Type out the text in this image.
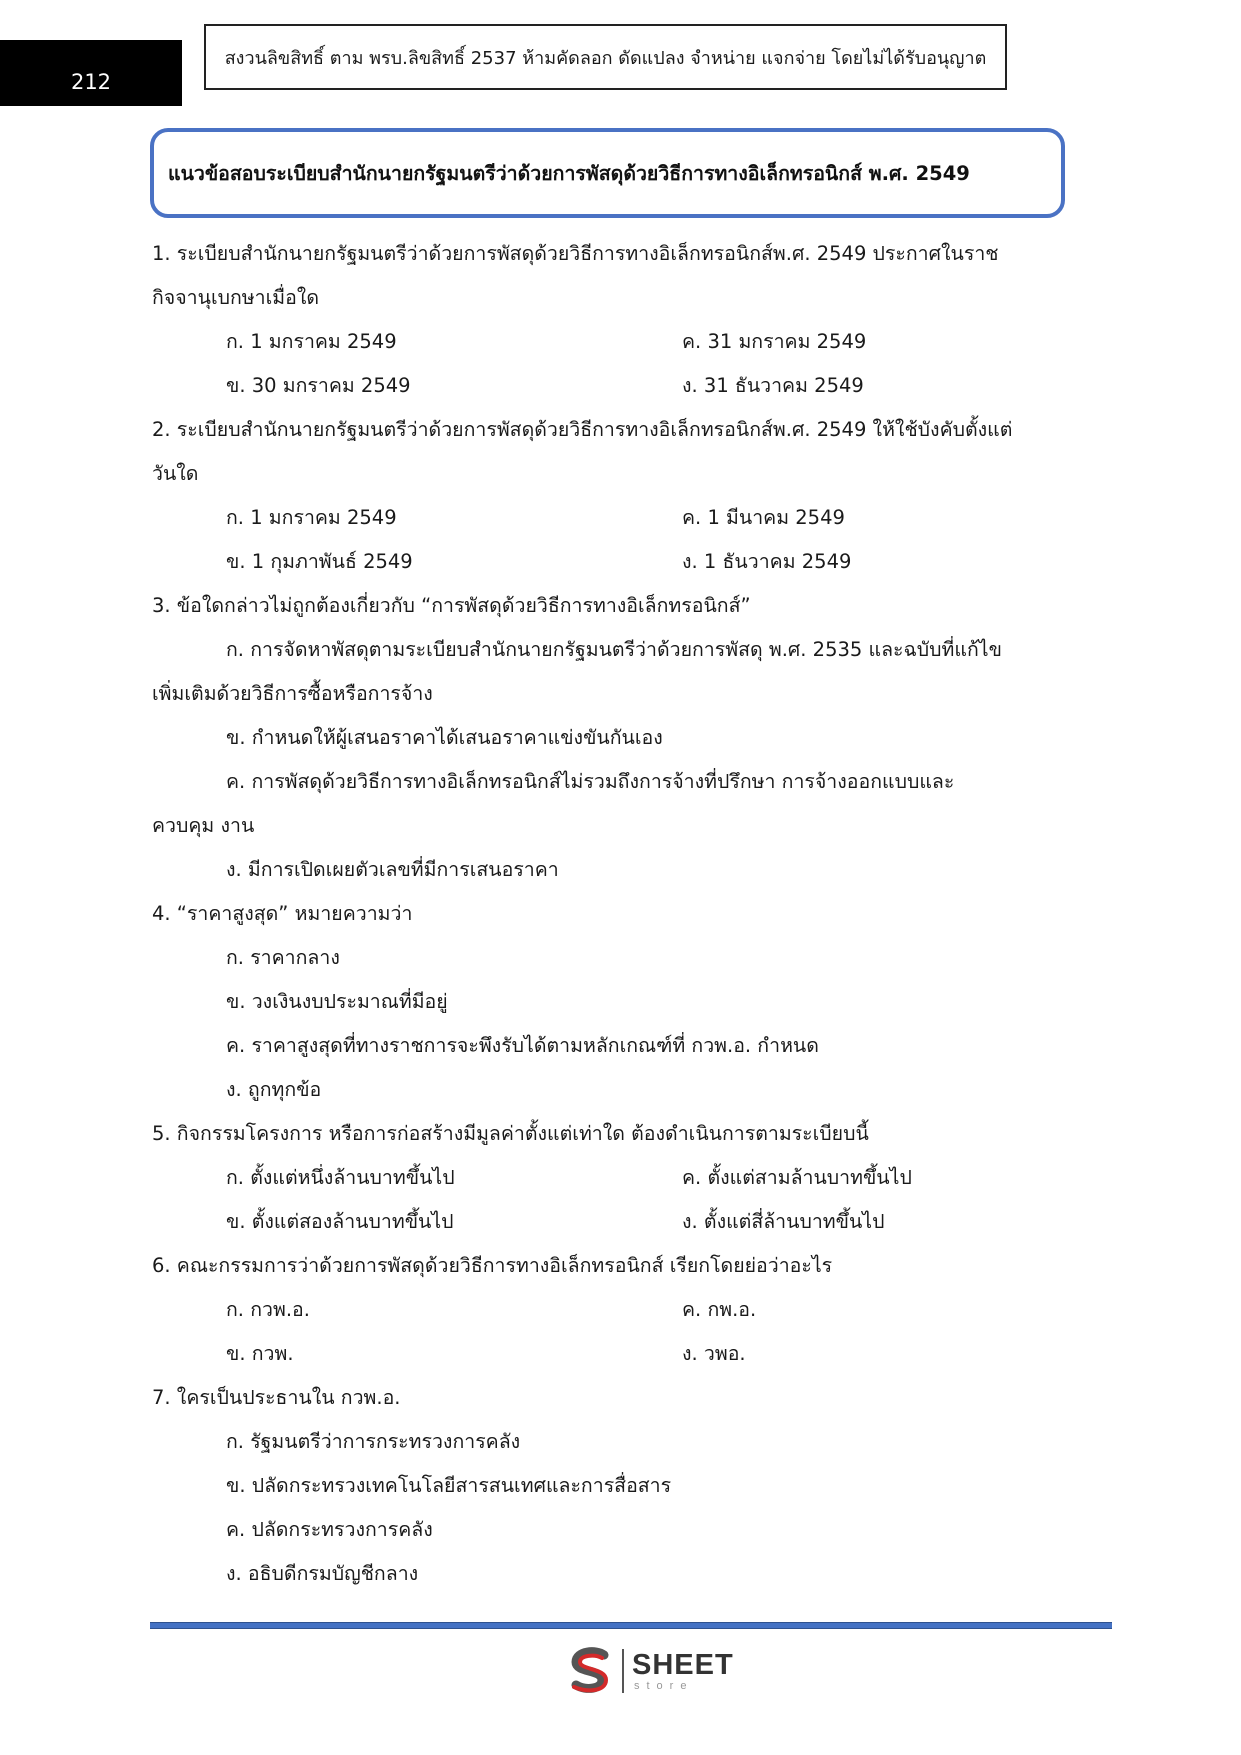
212
สงวนลิขสิทธิ์ ตาม พรบ.ลิขสิทธิ์ 2537 ห้ามคัดลอก ดัดแปลง จำหน่าย แจกจ่าย โดยไม่ได้รับอนุญาต
แนวข้อสอบระเบียบสำนักนายกรัฐมนตรีว่าด้วยการพัสดุด้วยวิธีการทางอิเล็กทรอนิกส์ พ.ศ. 2549
1. ระเบียบสำนักนายกรัฐมนตรีว่าด้วยการพัสดุด้วยวิธีการทางอิเล็กทรอนิกส์พ.ศ. 2549 ประกาศในราช
กิจจานุเบกษาเมื่อใด
ก. 1 มกราคม 2549	ค. 31 มกราคม 2549
ข. 30 มกราคม 2549	ง. 31 ธันวาคม 2549
2. ระเบียบสำนักนายกรัฐมนตรีว่าด้วยการพัสดุด้วยวิธีการทางอิเล็กทรอนิกส์พ.ศ. 2549 ให้ใช้บังคับตั้งแต่
วันใด
ก. 1 มกราคม 2549	ค. 1 มีนาคม 2549
ข. 1 กุมภาพันธ์ 2549	ง. 1 ธันวาคม 2549
3. ข้อใดกล่าวไม่ถูกต้องเกี่ยวกับ “การพัสดุด้วยวิธีการทางอิเล็กทรอนิกส์”
ก. การจัดหาพัสดุตามระเบียบสำนักนายกรัฐมนตรีว่าด้วยการพัสดุ พ.ศ. 2535 และฉบับที่แก้ไข
เพิ่มเติมด้วยวิธีการซื้อหรือการจ้าง
ข. กำหนดให้ผู้เสนอราคาได้เสนอราคาแข่งขันกันเอง
ค. การพัสดุด้วยวิธีการทางอิเล็กทรอนิกส์ไม่รวมถึงการจ้างที่ปรึกษา การจ้างออกแบบและ
ควบคุม งาน
ง. มีการเปิดเผยตัวเลขที่มีการเสนอราคา
4. “ราคาสูงสุด” หมายความว่า
ก. ราคากลาง
ข. วงเงินงบประมาณที่มีอยู่
ค. ราคาสูงสุดที่ทางราชการจะพึงรับได้ตามหลักเกณฑ์ที่ กวพ.อ. กำหนด
ง. ถูกทุกข้อ
5. กิจกรรมโครงการ หรือการก่อสร้างมีมูลค่าตั้งแต่เท่าใด ต้องดำเนินการตามระเบียบนี้
ก. ตั้งแต่หนึ่งล้านบาทขึ้นไป	ค. ตั้งแต่สามล้านบาทขึ้นไป
ข. ตั้งแต่สองล้านบาทขึ้นไป	ง. ตั้งแต่สี่ล้านบาทขึ้นไป
6. คณะกรรมการว่าด้วยการพัสดุด้วยวิธีการทางอิเล็กทรอนิกส์ เรียกโดยย่อว่าอะไร
ก. กวพ.อ.	ค. กพ.อ.
ข. กวพ.	ง. วพอ.
7. ใครเป็นประธานใน กวพ.อ.
ก. รัฐมนตรีว่าการกระทรวงการคลัง
ข. ปลัดกระทรวงเทคโนโลยีสารสนเทศและการสื่อสาร
ค. ปลัดกระทรวงการคลัง
ง. อธิบดีกรมบัญชีกลาง
SHEET
store
